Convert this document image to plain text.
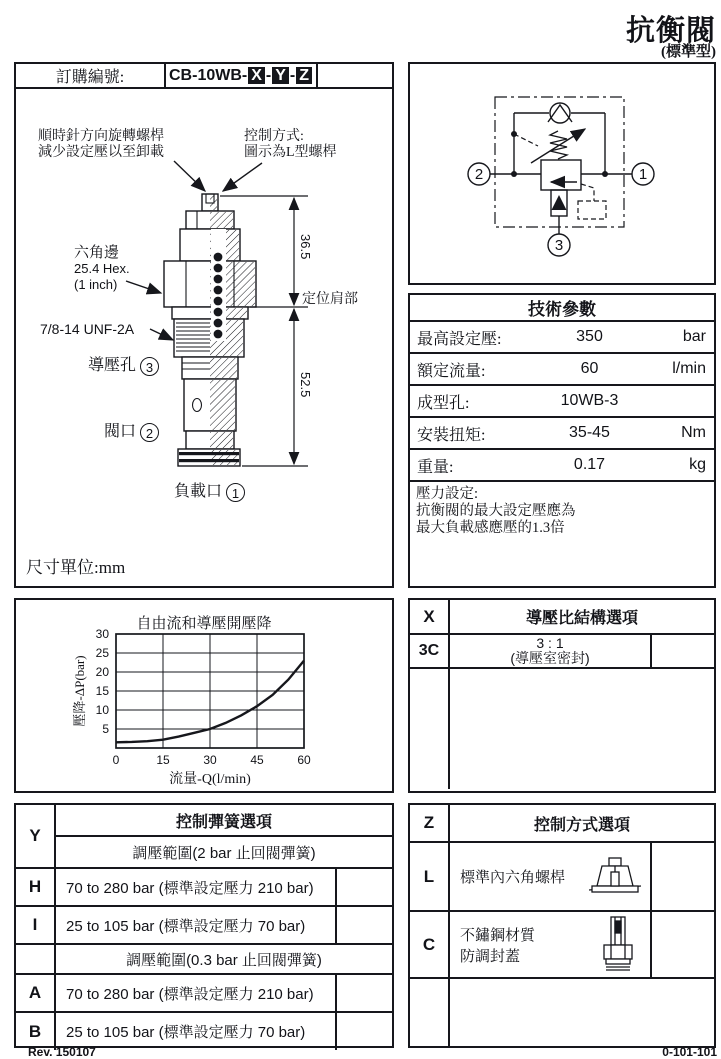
抗衡閥
(標準型)
訂購編號:	CB-10WB- X - Y - Z
順時針方向旋轉螺桿
減少設定壓以至卸載
控制方式:
圖示為L型螺桿
六角邊
25.4 Hex.
(1 inch)
7/8-14 UNF-2A
導壓孔 3
閥口 2
負載口 1
36.5
52.5
定位肩部
尺寸單位:mm
2	1
3
技術參數
最高設定壓:	350	bar
額定流量:	60	l/min
成型孔:	10WB-3
安裝扭矩:	35-45	Nm
重量:	0.17	kg
壓力設定:
抗衡閥的最大設定壓應為
最大負載感應壓的1.3倍
自由流和導壓開壓降
0	15	30	45	60
5
10
15
20
25
30
流量-Q(l/min)
壓降-ΔP(bar)
X	導壓比結構選項
3C	3 : 1
(導壓室密封)
Y
控制彈簧選項
調壓範圍(2 bar 止回閥彈簧)
H	70 to 280 bar (標準設定壓力 210 bar)
I	25 to 105 bar (標準設定壓力 70 bar)
調壓範圍(0.3 bar 止回閥彈簧)
A	70 to 280 bar (標準設定壓力 210 bar)
B	25 to 105 bar (標準設定壓力 70 bar)
Z	控制方式選項
L	標準內六角螺桿
C	不鏽鋼材質
防調封蓋
Rev. 150107	0-101-101
